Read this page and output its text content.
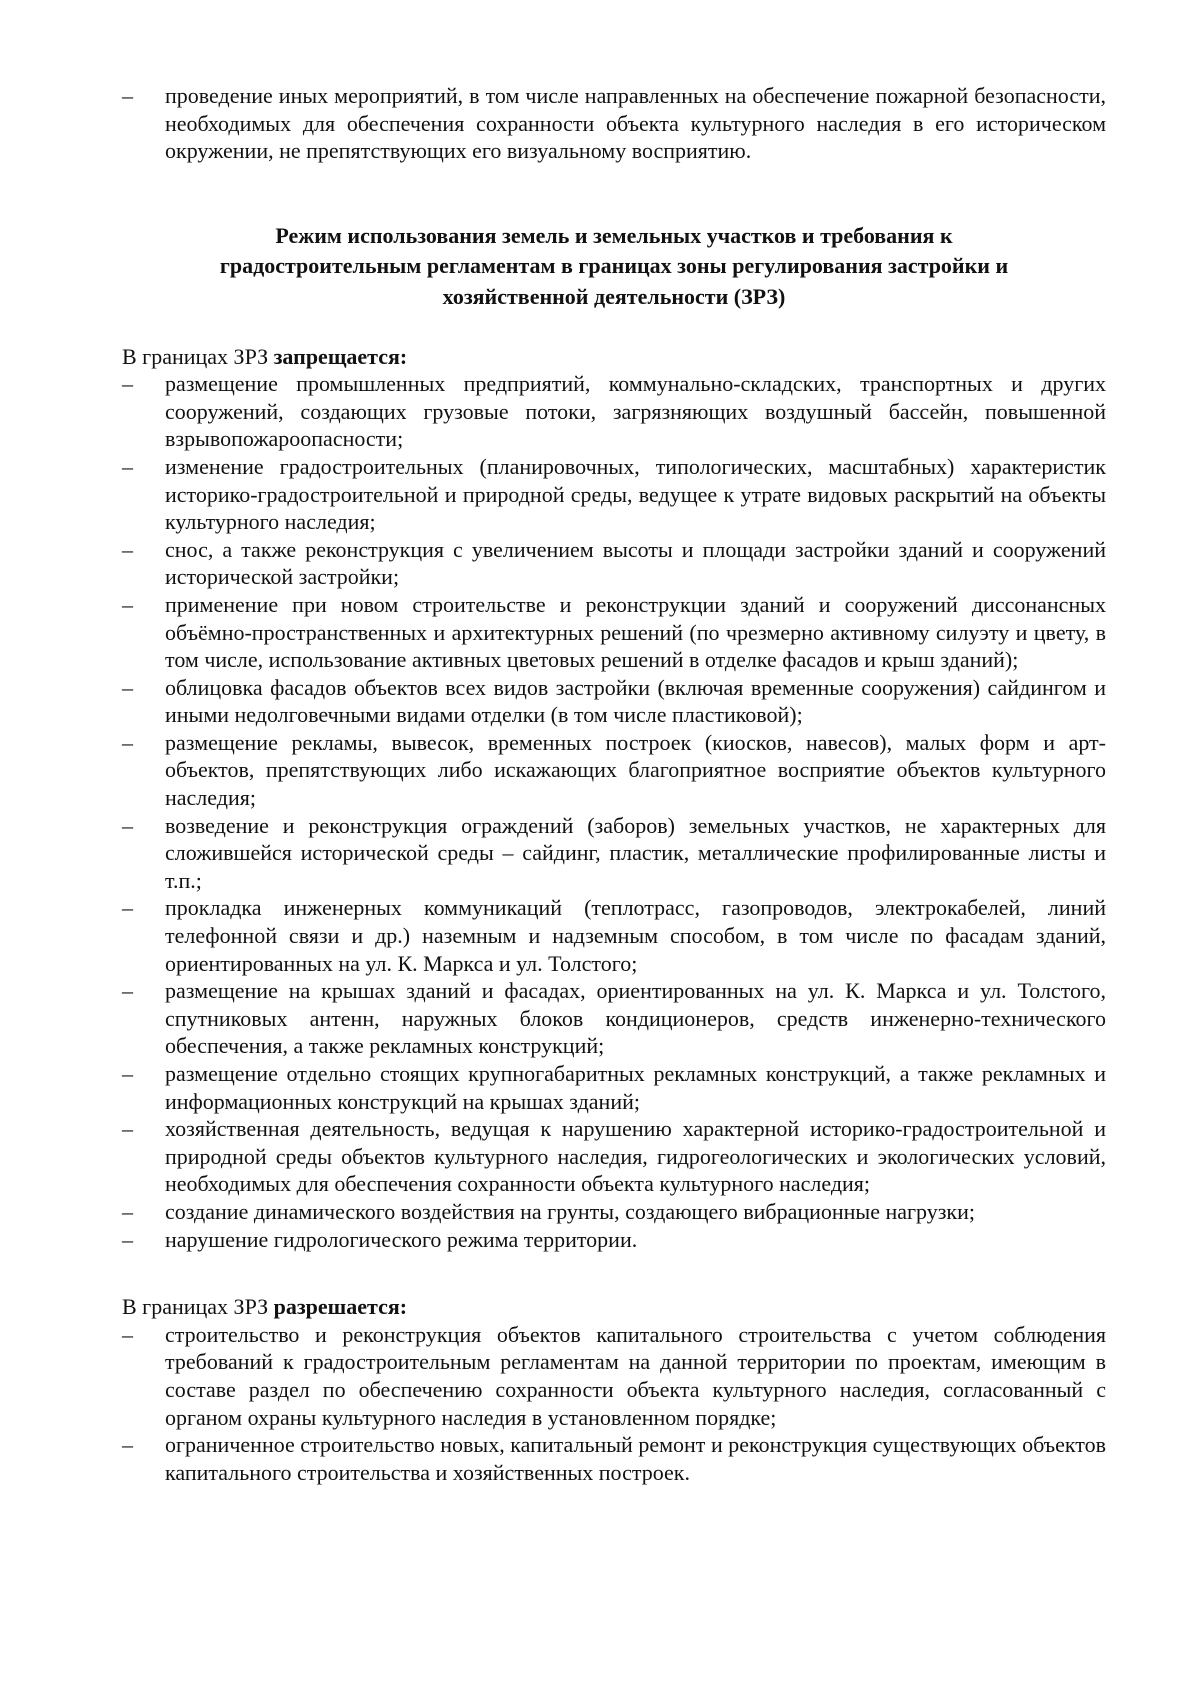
–	проведение иных мероприятий, в том числе направленных на обеспечение пожарной безопасности, необходимых для обеспечения сохранности объекта культурного наследия в его историческом окружении, не препятствующих его визуальному восприятию.
Режим использования земель и земельных участков и требования к
градостроительным регламентам в границах зоны регулирования застройки и
хозяйственной деятельности (ЗРЗ)

В границах ЗРЗ запрещается:

–	размещение промышленных предприятий, коммунально-складских, транспортных и других сооружений, создающих грузовые потоки, загрязняющих воздушный бассейн, повышенной взрывопожароопасности;
–	изменение градостроительных (планировочных, типологических, масштабных) характеристик историко-градостроительной и природной среды, ведущее к утрате видовых раскрытий на объекты культурного наследия;
–	снос, а также реконструкция с увеличением высоты и площади застройки зданий и сооружений исторической застройки;
–	применение при новом строительстве и реконструкции зданий и сооружений диссонансных объёмно-пространственных и архитектурных решений (по чрезмерно активному силуэту и цвету, в том числе, использование активных цветовых решений в отделке фасадов и крыш зданий);
–	облицовка фасадов объектов всех видов застройки (включая временные сооружения) сайдингом и иными недолговечными видами отделки (в том числе пластиковой);
–	размещение рекламы, вывесок, временных построек (киосков, навесов), малых форм и арт-объектов, препятствующих либо искажающих благоприятное восприятие объектов культурного наследия;
–	возведение и реконструкция ограждений (заборов) земельных участков, не характерных для сложившейся исторической среды – сайдинг, пластик, металлические профилированные листы и т.п.;
–	прокладка инженерных коммуникаций (теплотрасс, газопроводов, электрокабелей, линий телефонной связи и др.) наземным и надземным способом, в том числе по фасадам зданий, ориентированных на ул. К. Маркса и ул. Толстого;
–	размещение на крышах зданий и фасадах, ориентированных на ул. К. Маркса и ул. Толстого, спутниковых антенн, наружных блоков кондиционеров, средств инженерно-технического обеспечения, а также рекламных конструкций;
–	размещение отдельно стоящих крупногабаритных рекламных конструкций, а также рекламных и информационных конструкций на крышах зданий;
–	хозяйственная деятельность, ведущая к нарушению характерной историко-градостроительной и природной среды объектов культурного наследия, гидрогеологических и экологических условий, необходимых для обеспечения сохранности объекта культурного наследия;
–	создание динамического воздействия на грунты, создающего вибрационные нагрузки;
–	нарушение гидрологического режима территории.

В границах ЗРЗ разрешается:

–	строительство и реконструкция объектов капитального строительства с учетом соблюдения требований к градостроительным регламентам на данной территории по проектам, имеющим в составе раздел по обеспечению сохранности объекта культурного наследия, согласованный с органом охраны культурного наследия в установленном порядке;
–	ограниченное строительство новых, капитальный ремонт и реконструкция существующих объектов капитального строительства и хозяйственных построек.
